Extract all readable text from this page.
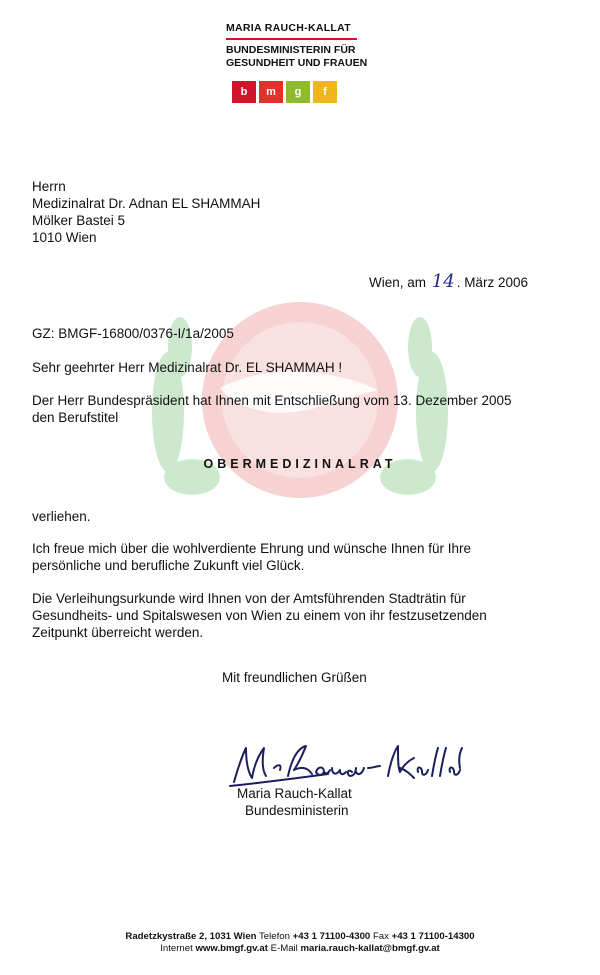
MARIA RAUCH-KALLAT
BUNDESMINISTERIN FÜR
GESUNDHEIT UND FRAUEN
b	m	g	f
Herrn
Medizinalrat Dr. Adnan EL SHAMMAH
Mölker Bastei 5
1010 Wien
Wien, am 14 . März 2006
GZ: BMGF-16800/0376-I/1a/2005
Sehr geehrter Herr Medizinalrat Dr. EL SHAMMAH !
Der Herr Bundespräsident hat Ihnen mit Entschließung vom 13. Dezember 2005
den Berufstitel
OBERMEDIZINALRAT
verliehen.
Ich freue mich über die wohlverdiente Ehrung und wünsche Ihnen für Ihre
persönliche und berufliche Zukunft viel Glück.
Die Verleihungsurkunde wird Ihnen von der Amtsführenden Stadträtin für
Gesundheits- und Spitalswesen von Wien zu einem von ihr festzusetzenden
Zeitpunkt überreicht werden.
Mit freundlichen Grüßen
Maria Rauch-Kallat
Bundesministerin
Radetzkystraße 2, 1031 Wien Telefon +43 1 71100-4300 Fax +43 1 71100-14300
Internet www.bmgf.gv.at E-Mail maria.rauch-kallat@bmgf.gv.at
